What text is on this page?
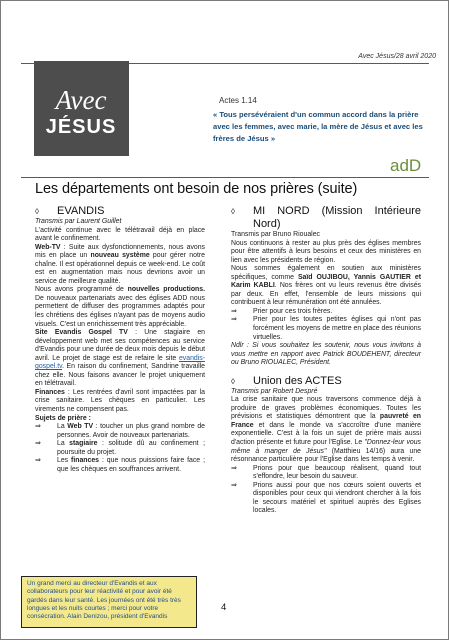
Avec Jésus/28 avril 2020
Avec
JÉSUS
Actes 1.14
« Tous persévéraient d'un commun accord dans la prière avec les femmes, avec marie, la mère de Jésus et avec les frères de Jésus »
adD
Les départements ont besoin de nos prières (suite)
◊	EVANDIS

Transmis par Laurent Guillet

L'activité continue avec le télétravail déjà en place avant le confinement.

Web-TV : Suite aux dysfonctionnements, nous avons mis en place un nouveau système pour gérer notre chaîne. Il est opérationnel depuis ce week-end. Le coût est en augmentation mais nous devrions avoir un service de meilleure qualité.

Nous avons programmé de nouvelles productions. De nouveaux partenariats avec des églises ADD nous permettent de diffuser des programmes adaptés pour les chrétiens des églises n'ayant pas de moyens audio visuels. C'est un enrichissement très appréciable.

Site Evandis Gospel TV : Une stagiaire en développement web met ses compétences au service d'Evandis pour une durée de deux mois depuis le début avril. Le projet de stage est de refaire le site evandis-gospel.tv. En raison du confinement, Sandrine travaille chez elle. Nous faisons avancer le projet uniquement en télétravail.

Finances : Les rentrées d'avril sont impactées par la crise sanitaire. Les chèques en particulier. Les virements ne compensent pas.

Sujets de prière :

⇒	La Web TV : toucher un plus grand nombre de personnes. Avoir de nouveaux partenariats.
⇒	La stagiaire : solitude dû au confinement ; poursuite du projet.
⇒	Les finances : que nous puissions faire face ; que les chèques en souffrances arrivent.
◊	MI NORD (Mission Intérieure Nord)

Transmis par Bruno Rioualec

Nous continuons à rester au plus près des églises membres pour être attentifs à leurs besoins et ceux des ministères en lien avec les présidents de région.

Nous sommes également en soutien aux ministères spécifiques, comme Saïd OUJIBOU, Yannis GAUTIER et Karim KABLI. Nos frères ont vu leurs revenus être divisés par deux. En effet, l'ensemble de leurs missions qui contribuent à leur rémunération ont été annulées.

⇒	Prier pour ces trois frères.
⇒	Prier pour les toutes petites églises qui n'ont pas forcément les moyens de mettre en place des réunions virtuelles.

Ndlr : Si vous souhaitez les soutenir, nous vous invitons à vous mettre en rapport avec Patrick BOUDEHENT, directeur ou Bruno RIOUALEC, Président.

◊	Union des ACTES

Transmis par Robert Despré

La crise sanitaire que nous traversons commence déjà à produire de graves problèmes économiques. Toutes les prévisions et statistiques démontrent que la pauvreté en France et dans le monde va s'accroître d'une manière exponentielle. C'est à la fois un sujet de prière mais aussi d'action présente et future pour l'Eglise. Le "Donnez-leur vous même à manger de Jésus" (Matthieu 14/16) aura une résonnance particulière pour l'Eglise dans les temps à venir.

⇒	Prions pour que beaucoup réalisent, quand tout s'effondre, leur besoin du sauveur.
⇒	Prions aussi pour que nos cœurs soient ouverts et disponibles pour ceux qui viendront chercher à la fois le secours matériel et spirituel auprès des Eglises locales.
Un grand merci au directeur d'Evandis et aux collaborateurs pour leur réactivité et pour avoir été gardés dans leur santé. Les journées ont été très très longues et les nuits courtes ; merci pour votre consécration. Alain Denizou, président d'Evandis
4
